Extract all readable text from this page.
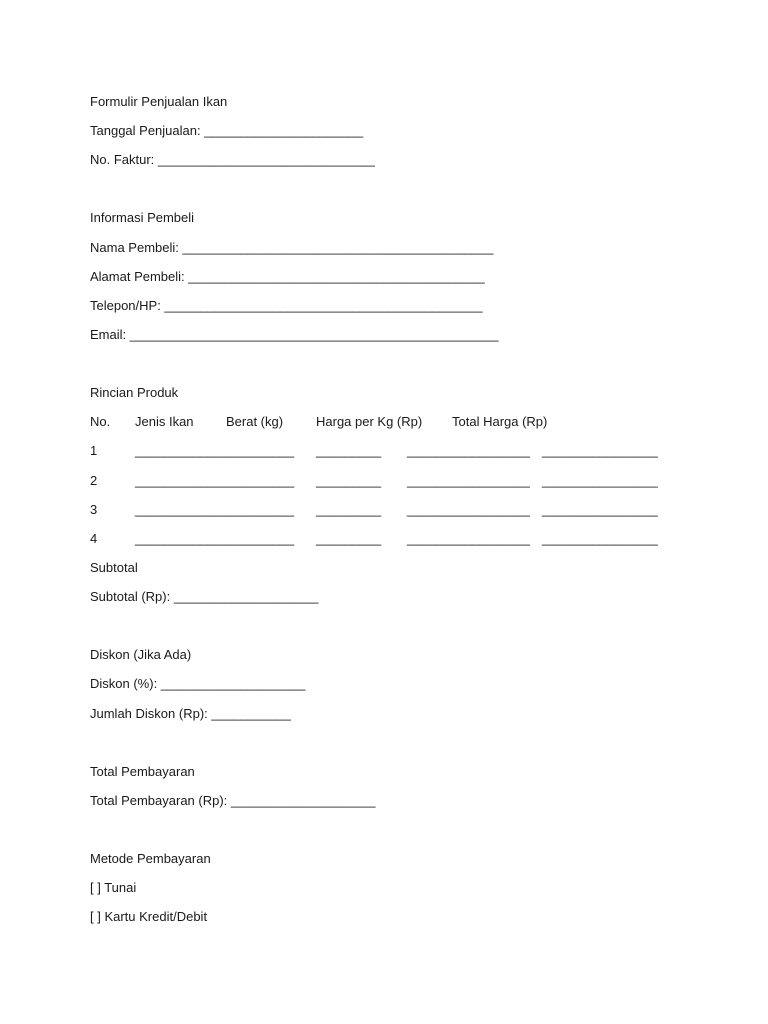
Formulir Penjualan Ikan
Tanggal Penjualan: ______________________
No. Faktur: ______________________________
Informasi Pembeli
Nama Pembeli: ___________________________________________
Alamat Pembeli: _________________________________________
Telepon/HP: ____________________________________________
Email: ___________________________________________________
Rincian Produk
No. Jenis Ikan Berat (kg)	Harga per Kg (Rp) Total Harga (Rp)
1	______________________ _________ _________________ ________________
2	______________________ _________ _________________ ________________
3	______________________ _________ _________________ ________________
4	______________________ _________ _________________ ________________
Subtotal
Subtotal (Rp): ____________________
Diskon (Jika Ada)
Diskon (%): ____________________
Jumlah Diskon (Rp): ___________
Total Pembayaran
Total Pembayaran (Rp): ____________________
Metode Pembayaran
[ ] Tunai
[ ] Kartu Kredit/Debit
